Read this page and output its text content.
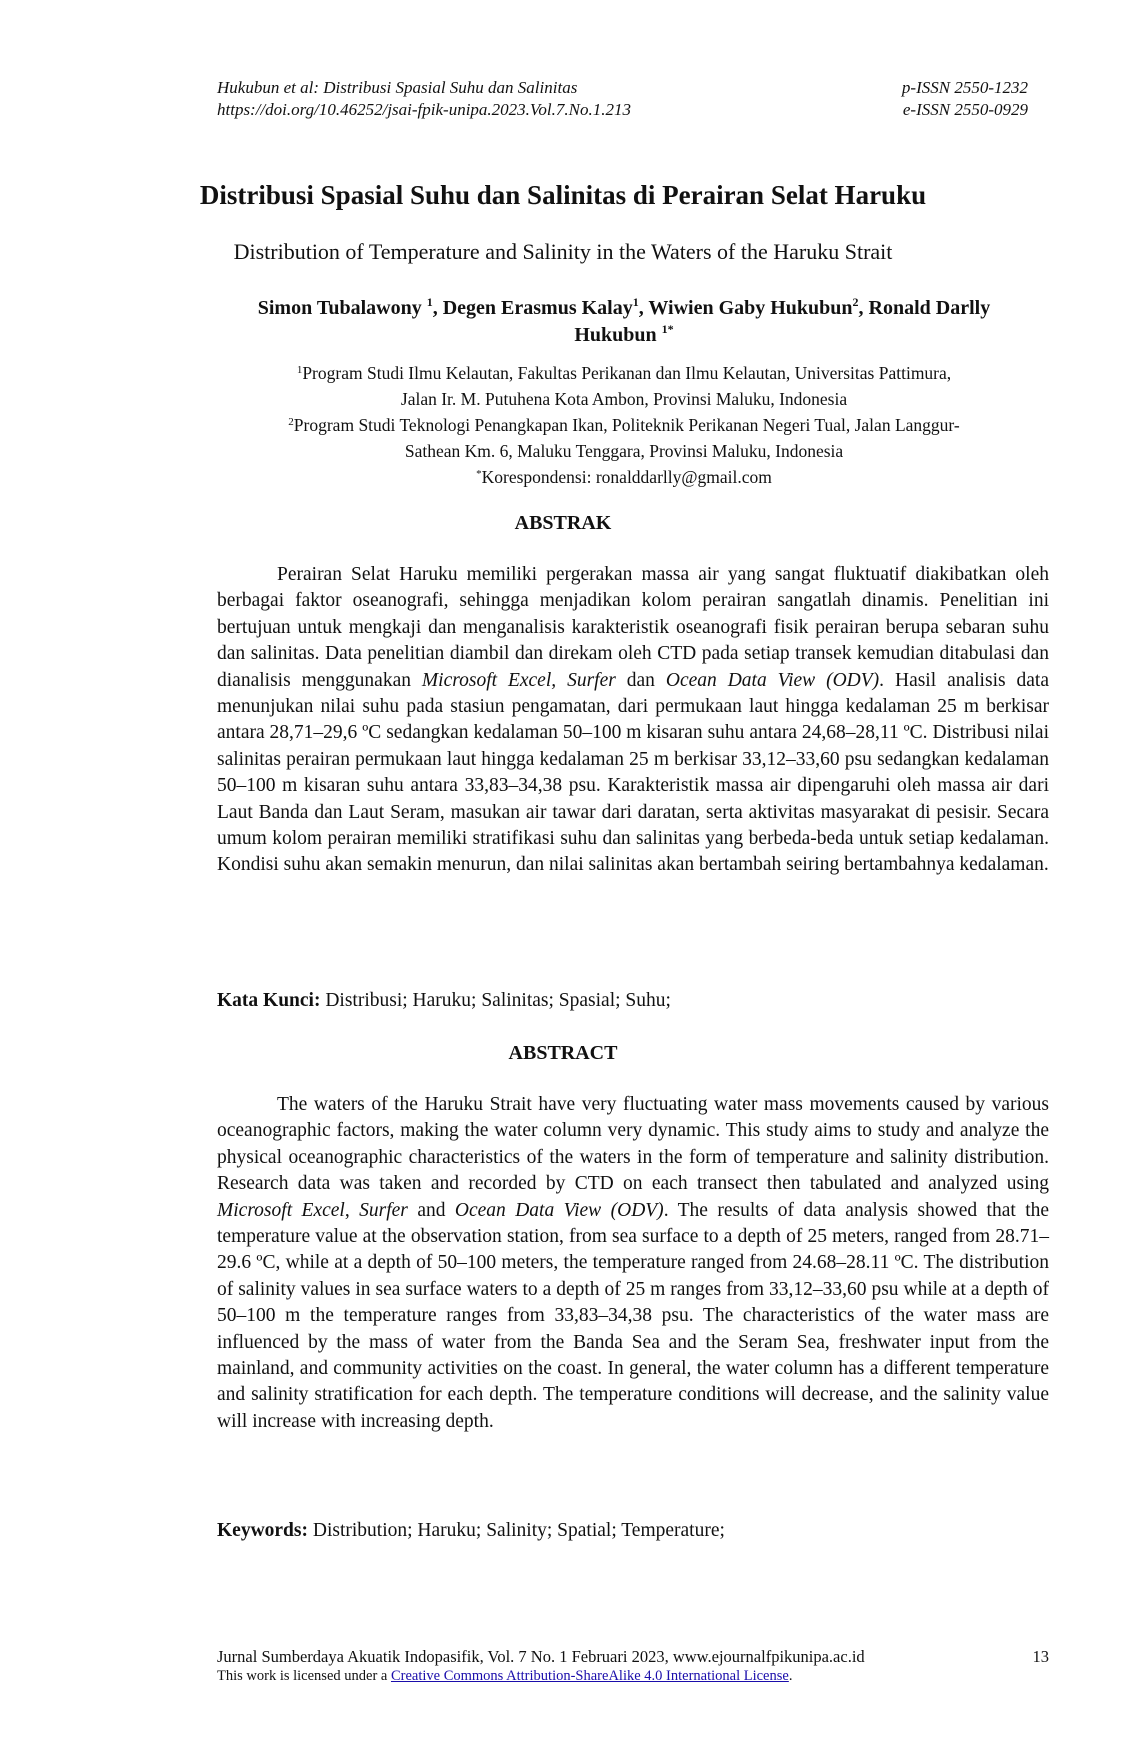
Hukubun et al: Distribusi Spasial Suhu dan Salinitas
https://doi.org/10.46252/jsai-fpik-unipa.2023.Vol.7.No.1.213
p-ISSN 2550-1232
e-ISSN 2550-0929
Distribusi Spasial Suhu dan Salinitas di Perairan Selat Haruku
Distribution of Temperature and Salinity in the Waters of the Haruku Strait
Simon Tubalawony $^1$, Degen Erasmus Kalay$^1$, Wiwien Gaby Hukubun$^2$, Ronald Darlly Hukubun $^{1*}$
$^1$Program Studi Ilmu Kelautan, Fakultas Perikanan dan Ilmu Kelautan, Universitas Pattimura,
Jalan Ir. M. Putuhena Kota Ambon, Provinsi Maluku, Indonesia
$^2$Program Studi Teknologi Penangkapan Ikan, Politeknik Perikanan Negeri Tual, Jalan Langgur-
Sathean Km. 6, Maluku Tenggara, Provinsi Maluku, Indonesia
*Korespondensi: ronalddarlly@gmail.com
ABSTRAK

Perairan Selat Haruku memiliki pergerakan massa air yang sangat fluktuatif diakibatkan oleh berbagai faktor oseanografi, sehingga menjadikan kolom perairan sangatlah dinamis. Penelitian ini bertujuan untuk mengkaji dan menganalisis karakteristik oseanografi fisik perairan berupa sebaran suhu dan salinitas. Data penelitian diambil dan direkam oleh CTD pada setiap transek kemudian ditabulasi dan dianalisis menggunakan Microsoft Excel, Surfer dan Ocean Data View (ODV). Hasil analisis data menunjukan nilai suhu pada stasiun pengamatan, dari permukaan laut hingga kedalaman 25 m berkisar antara 28,71–29,6 ºC sedangkan kedalaman 50–100 m kisaran suhu antara 24,68–28,11 ºC. Distribusi nilai salinitas perairan permukaan laut hingga kedalaman 25 m berkisar 33,12–33,60 psu sedangkan kedalaman 50–100 m kisaran suhu antara 33,83–34,38 psu. Karakteristik massa air dipengaruhi oleh massa air dari Laut Banda dan Laut Seram, masukan air tawar dari daratan, serta aktivitas masyarakat di pesisir. Secara umum kolom perairan memiliki stratifikasi suhu dan salinitas yang berbeda-beda untuk setiap kedalaman. Kondisi suhu akan semakin menurun, dan nilai salinitas akan bertambah seiring bertambahnya kedalaman.

Kata Kunci: Distribusi; Haruku; Salinitas; Spasial; Suhu;
ABSTRACT

The waters of the Haruku Strait have very fluctuating water mass movements caused by various oceanographic factors, making the water column very dynamic. This study aims to study and analyze the physical oceanographic characteristics of the waters in the form of temperature and salinity distribution. Research data was taken and recorded by CTD on each transect then tabulated and analyzed using Microsoft Excel, Surfer and Ocean Data View (ODV). The results of data analysis showed that the temperature value at the observation station, from sea surface to a depth of 25 meters, ranged from 28.71–29.6 ºC, while at a depth of 50–100 meters, the temperature ranged from 24.68–28.11 ºC. The distribution of salinity values in sea surface waters to a depth of 25 m ranges from 33,12–33,60 psu while at a depth of 50–100 m the temperature ranges from 33,83–34,38 psu. The characteristics of the water mass are influenced by the mass of water from the Banda Sea and the Seram Sea, freshwater input from the mainland, and community activities on the coast. In general, the water column has a different temperature and salinity stratification for each depth. The temperature conditions will decrease, and the salinity value will increase with increasing depth.

Keywords: Distribution; Haruku; Salinity; Spatial; Temperature;
Jurnal Sumberdaya Akuatik Indopasifik, Vol. 7 No. 1 Februari 2023, www.ejournalfpikunipa.ac.id	13
This work is licensed under a Creative Commons Attribution-ShareAlike 4.0 International License.
